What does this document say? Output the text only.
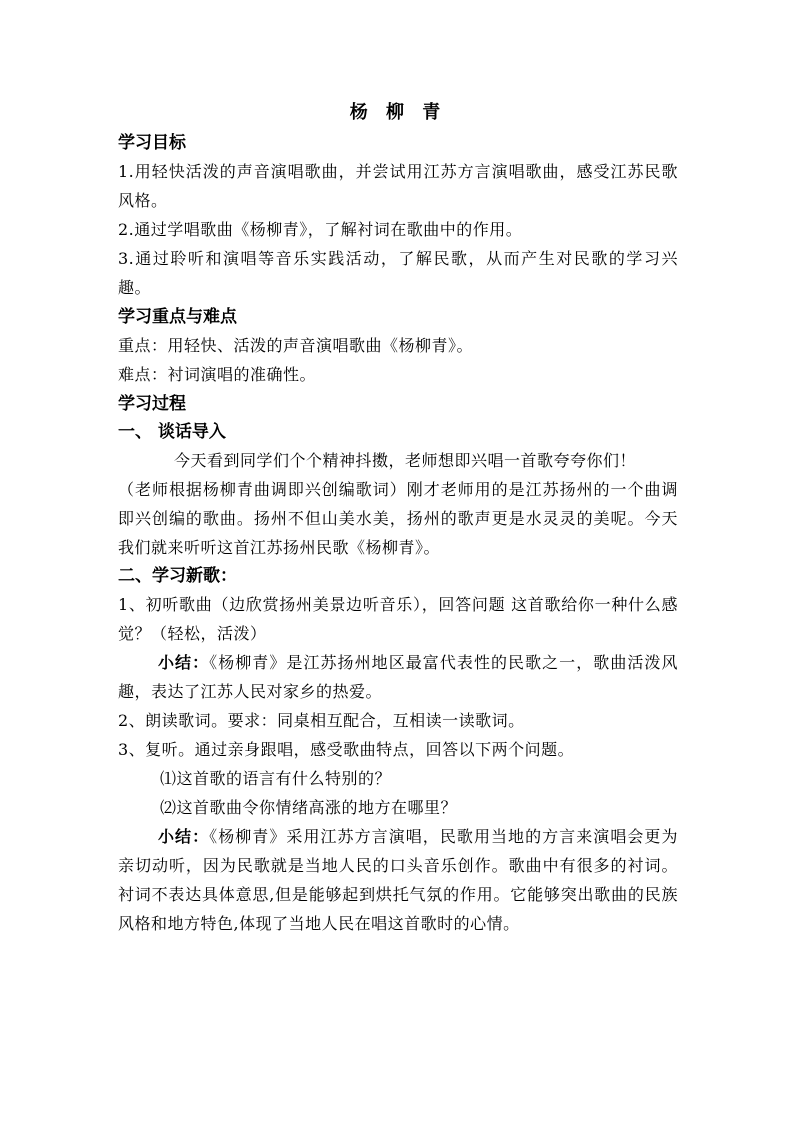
杨 柳 青

学习目标

1.用轻快活泼的声音演唱歌曲，并尝试用江苏方言演唱歌曲，感受江苏民歌风格。

2.通过学唱歌曲《杨柳青》，了解衬词在歌曲中的作用。

3.通过聆听和演唱等音乐实践活动，了解民歌，从而产生对民歌的学习兴趣。

学习重点与难点

重点：用轻快、活泼的声音演唱歌曲《杨柳青》。

难点：衬词演唱的准确性。

学习过程

一、 谈话导入

今天看到同学们个个精神抖擞，老师想即兴唱一首歌夸夸你们！

（老师根据杨柳青曲调即兴创编歌词）刚才老师用的是江苏扬州的一个曲调即兴创编的歌曲。扬州不但山美水美，扬州的歌声更是水灵灵的美呢。今天我们就来听听这首江苏扬州民歌《杨柳青》。

二、学习新歌：

1、初听歌曲（边欣赏扬州美景边听音乐），回答问题 这首歌给你一种什么感觉？（轻松，活泼）

小结：《杨柳青》是江苏扬州地区最富代表性的民歌之一，歌曲活泼风趣，表达了江苏人民对家乡的热爱。

2、朗读歌词。要求：同桌相互配合，互相读一读歌词。

3、复听。通过亲身跟唱，感受歌曲特点，回答以下两个问题。

⑴这首歌的语言有什么特别的？

⑵这首歌曲令你情绪高涨的地方在哪里？

小结：《杨柳青》采用江苏方言演唱，民歌用当地的方言来演唱会更为亲切动听，因为民歌就是当地人民的口头音乐创作。歌曲中有很多的衬词。衬词不表达具体意思,但是能够起到烘托气氛的作用。它能够突出歌曲的民族风格和地方特色,体现了当地人民在唱这首歌时的心情。
